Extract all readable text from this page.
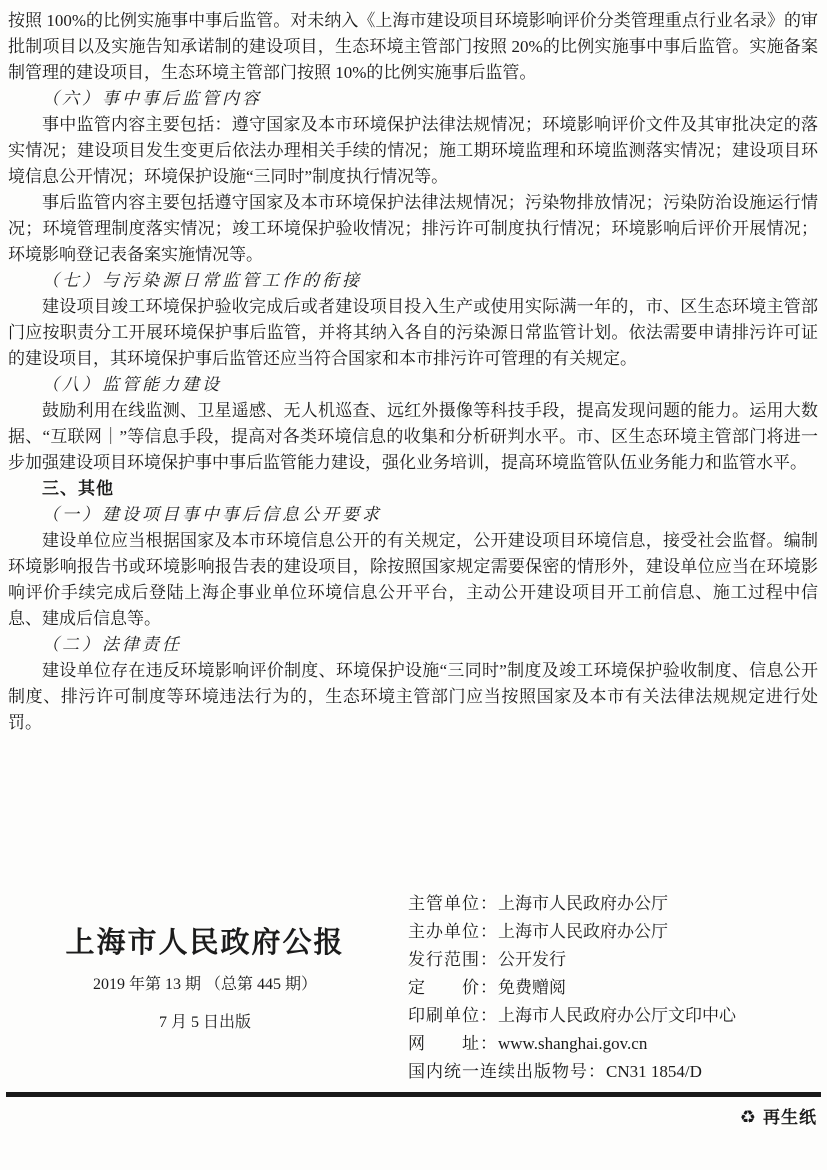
按照 100%的比例实施事中事后监管。对未纳入《上海市建设项目环境影响评价分类管理重点行业名录》的审批制项目以及实施告知承诺制的建设项目，生态环境主管部门按照 20%的比例实施事中事后监管。实施备案制管理的建设项目，生态环境主管部门按照 10%的比例实施事后监管。

（六）事中事后监管内容

事中监管内容主要包括：遵守国家及本市环境保护法律法规情况；环境影响评价文件及其审批决定的落实情况；建设项目发生变更后依法办理相关手续的情况；施工期环境监理和环境监测落实情况；建设项目环境信息公开情况；环境保护设施“三同时”制度执行情况等。

事后监管内容主要包括遵守国家及本市环境保护法律法规情况；污染物排放情况；污染防治设施运行情况；环境管理制度落实情况；竣工环境保护验收情况；排污许可制度执行情况；环境影响后评价开展情况；环境影响登记表备案实施情况等。

（七）与污染源日常监管工作的衔接

建设项目竣工环境保护验收完成后或者建设项目投入生产或使用实际满一年的，市、区生态环境主管部门应按职责分工开展环境保护事后监管，并将其纳入各自的污染源日常监管计划。依法需要申请排污许可证的建设项目，其环境保护事后监管还应当符合国家和本市排污许可管理的有关规定。

（八）监管能力建设

鼓励利用在线监测、卫星遥感、无人机巡查、远红外摄像等科技手段，提高发现问题的能力。运用大数据、“互联网｜”等信息手段，提高对各类环境信息的收集和分析研判水平。市、区生态环境主管部门将进一步加强建设项目环境保护事中事后监管能力建设，强化业务培训，提高环境监管队伍业务能力和监管水平。

三、其他

（一）建设项目事中事后信息公开要求

建设单位应当根据国家及本市环境信息公开的有关规定，公开建设项目环境信息，接受社会监督。编制环境影响报告书或环境影响报告表的建设项目，除按照国家规定需要保密的情形外，建设单位应当在环境影响评价手续完成后登陆上海企事业单位环境信息公开平台，主动公开建设项目开工前信息、施工过程中信息、建成后信息等。

（二）法律责任

建设单位存在违反环境影响评价制度、环境保护设施“三同时”制度及竣工环境保护验收制度、信息公开制度、排污许可制度等环境违法行为的，生态环境主管部门应当按照国家及本市有关法律法规规定进行处罚。

上海市人民政府公报
2019 年第 13 期 （总第 445 期）
7 月 5 日出版
主管单位：上海市人民政府办公厅
主办单位：上海市人民政府办公厅
发行范围：公开发行
定　　价：免费赠阅
印刷单位：上海市人民政府办公厅文印中心
网　　址：www.shanghai.gov.cn
国内统一连续出版物号：CN31 1854/D
♻ 再生纸
